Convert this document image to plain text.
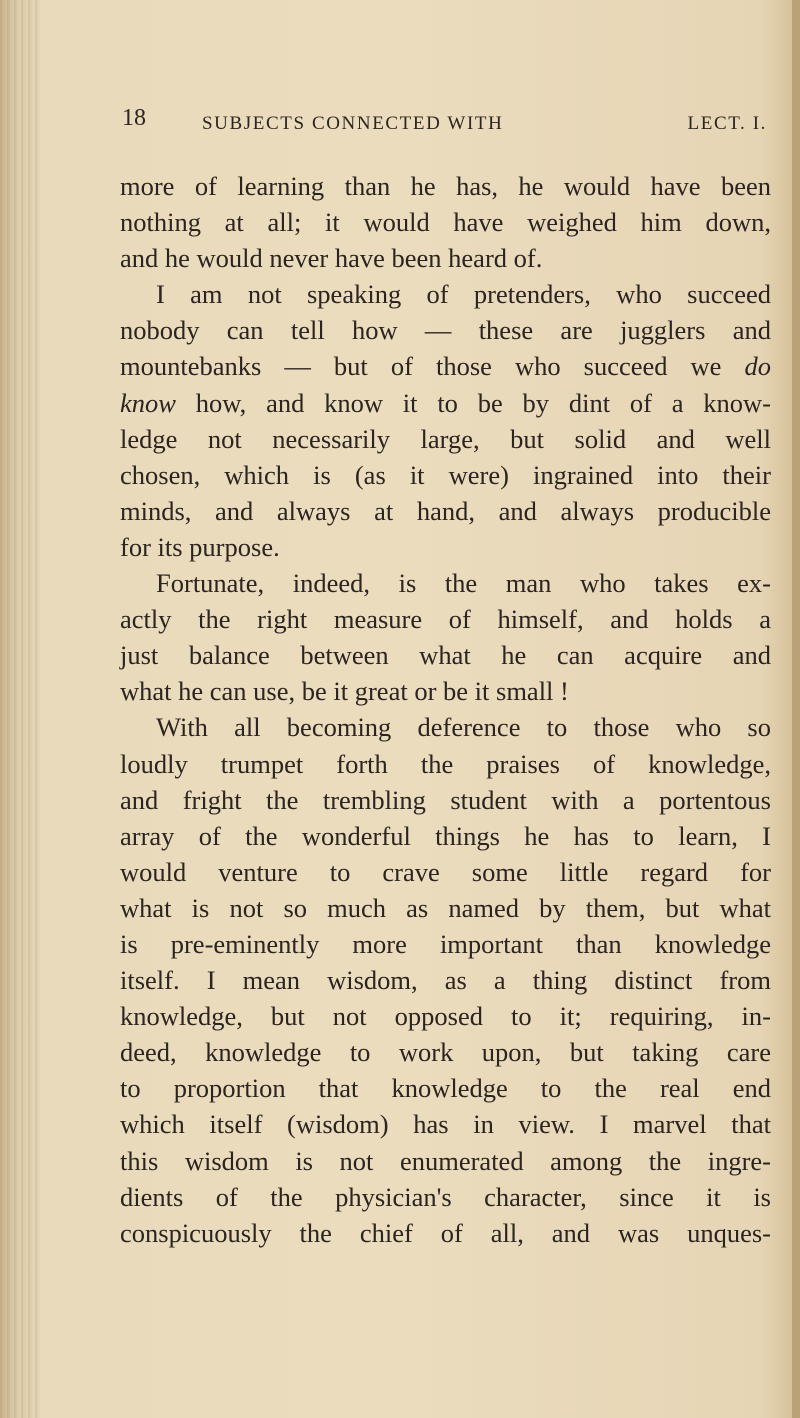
18	SUBJECTS CONNECTED WITH	LECT. I.
more of learning than he has, he would have been
nothing at all; it would have weighed him down,
and he would never have been heard of.
I am not speaking of pretenders, who succeed
nobody can tell how — these are jugglers and
mountebanks — but of those who succeed we do
know how, and know it to be by dint of a know-
ledge not necessarily large, but solid and well
chosen, which is (as it were) ingrained into their
minds, and always at hand, and always producible
for its purpose.
Fortunate, indeed, is the man who takes ex-
actly the right measure of himself, and holds a
just balance between what he can acquire and
what he can use, be it great or be it small !
With all becoming deference to those who so
loudly trumpet forth the praises of knowledge,
and fright the trembling student with a portentous
array of the wonderful things he has to learn, I
would venture to crave some little regard for
what is not so much as named by them, but what
is pre-eminently more important than knowledge
itself. I mean wisdom, as a thing distinct from
knowledge, but not opposed to it; requiring, in-
deed, knowledge to work upon, but taking care
to proportion that knowledge to the real end
which itself (wisdom) has in view. I marvel that
this wisdom is not enumerated among the ingre-
dients of the physician's character, since it is
conspicuously the chief of all, and was unques-
